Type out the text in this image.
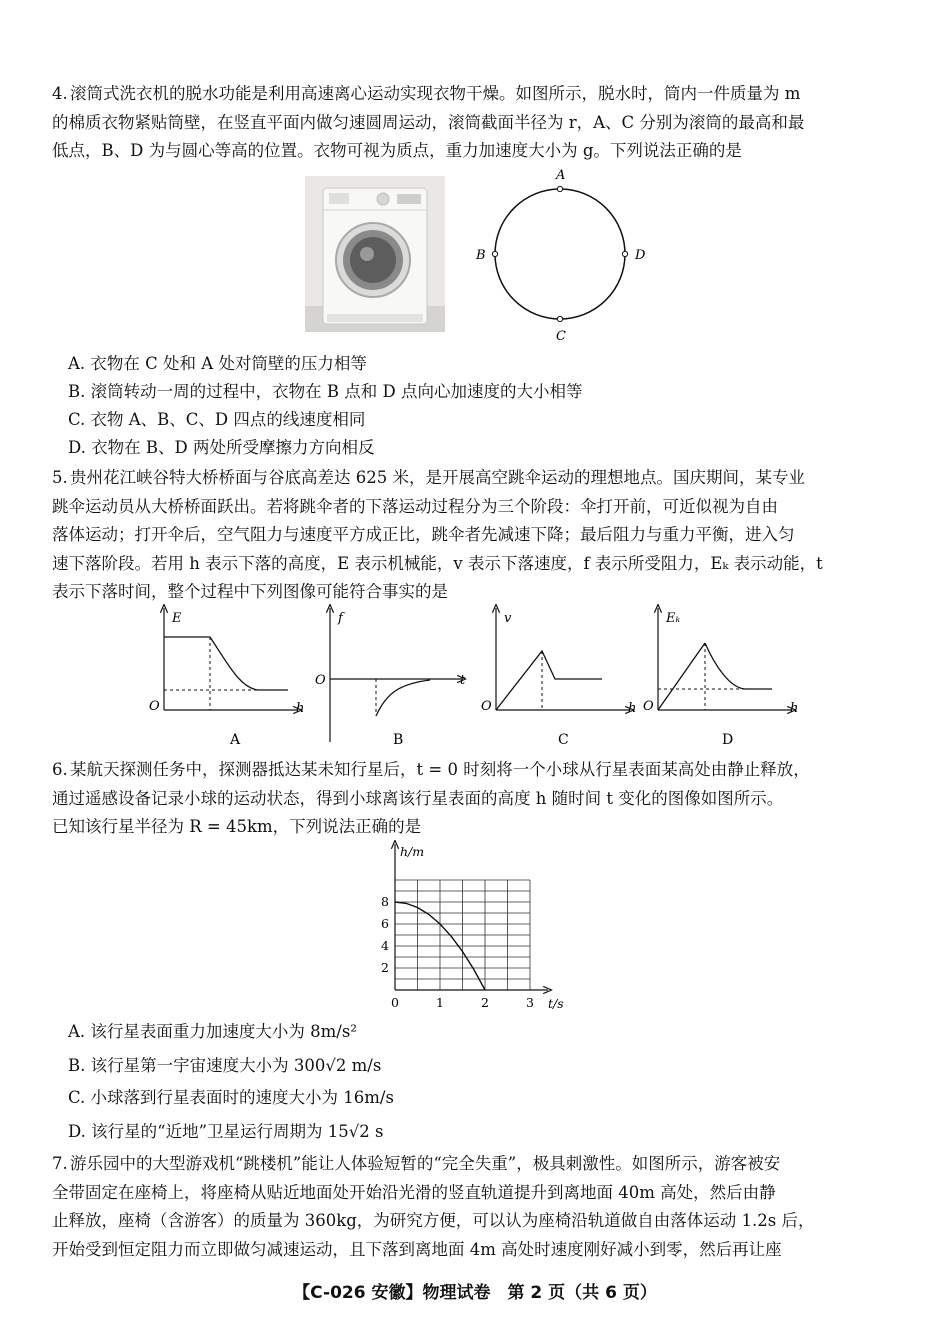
4. 滚筒式洗衣机的脱水功能是利用高速离心运动实现衣物干燥。如图所示，脱水时，筒内一件质量为 m
的棉质衣物紧贴筒壁，在竖直平面内做匀速圆周运动，滚筒截面半径为 r，A、C 分别为滚筒的最高和最
低点，B、D 为与圆心等高的位置。衣物可视为质点，重力加速度大小为 g。下列说法正确的是
A
B	D
C
A. 衣物在 C 处和 A 处对筒壁的压力相等
B. 滚筒转动一周的过程中，衣物在 B 点和 D 点向心加速度的大小相等
C. 衣物 A、B、C、D 四点的线速度相同
D. 衣物在 B、D 两处所受摩擦力方向相反
5. 贵州花江峡谷特大桥桥面与谷底高差达 625 米，是开展高空跳伞运动的理想地点。国庆期间，某专业
跳伞运动员从大桥桥面跃出。若将跳伞者的下落运动过程分为三个阶段：伞打开前，可近似视为自由
落体运动；打开伞后，空气阻力与速度平方成正比，跳伞者先减速下降；最后阻力与重力平衡，进入匀
速下落阶段。若用 h 表示下落的高度，E 表示机械能，v 表示下落速度，f 表示所受阻力，Eₖ 表示动能，t
表示下落时间，整个过程中下列图像可能符合事实的是
E
h
O
A
f
t
O
B
v
h
O
C
Eₖ
h
O
D
6. 某航天探测任务中，探测器抵达某未知行星后，t = 0 时刻将一个小球从行星表面某高处由静止释放，
通过遥感设备记录小球的运动状态，得到小球离该行星表面的高度 h 随时间 t 变化的图像如图所示。
已知该行星半径为 R = 45km，下列说法正确的是
0	1	2	3
2
4
6
8
h/m
t/s
A. 该行星表面重力加速度大小为 8m/s²
B. 该行星第一宇宙速度大小为 300√2 m/s
C. 小球落到行星表面时的速度大小为 16m/s
D. 该行星的“近地”卫星运行周期为 15√2 s
7. 游乐园中的大型游戏机“跳楼机”能让人体验短暂的“完全失重”，极具刺激性。如图所示，游客被安
全带固定在座椅上，将座椅从贴近地面处开始沿光滑的竖直轨道提升到离地面 40m 高处，然后由静
止释放，座椅（含游客）的质量为 360kg，为研究方便，可以认为座椅沿轨道做自由落体运动 1.2s 后，
开始受到恒定阻力而立即做匀减速运动，且下落到离地面 4m 高处时速度刚好减小到零，然后再让座
【C-026 安徽】物理试卷　第 2 页（共 6 页）
